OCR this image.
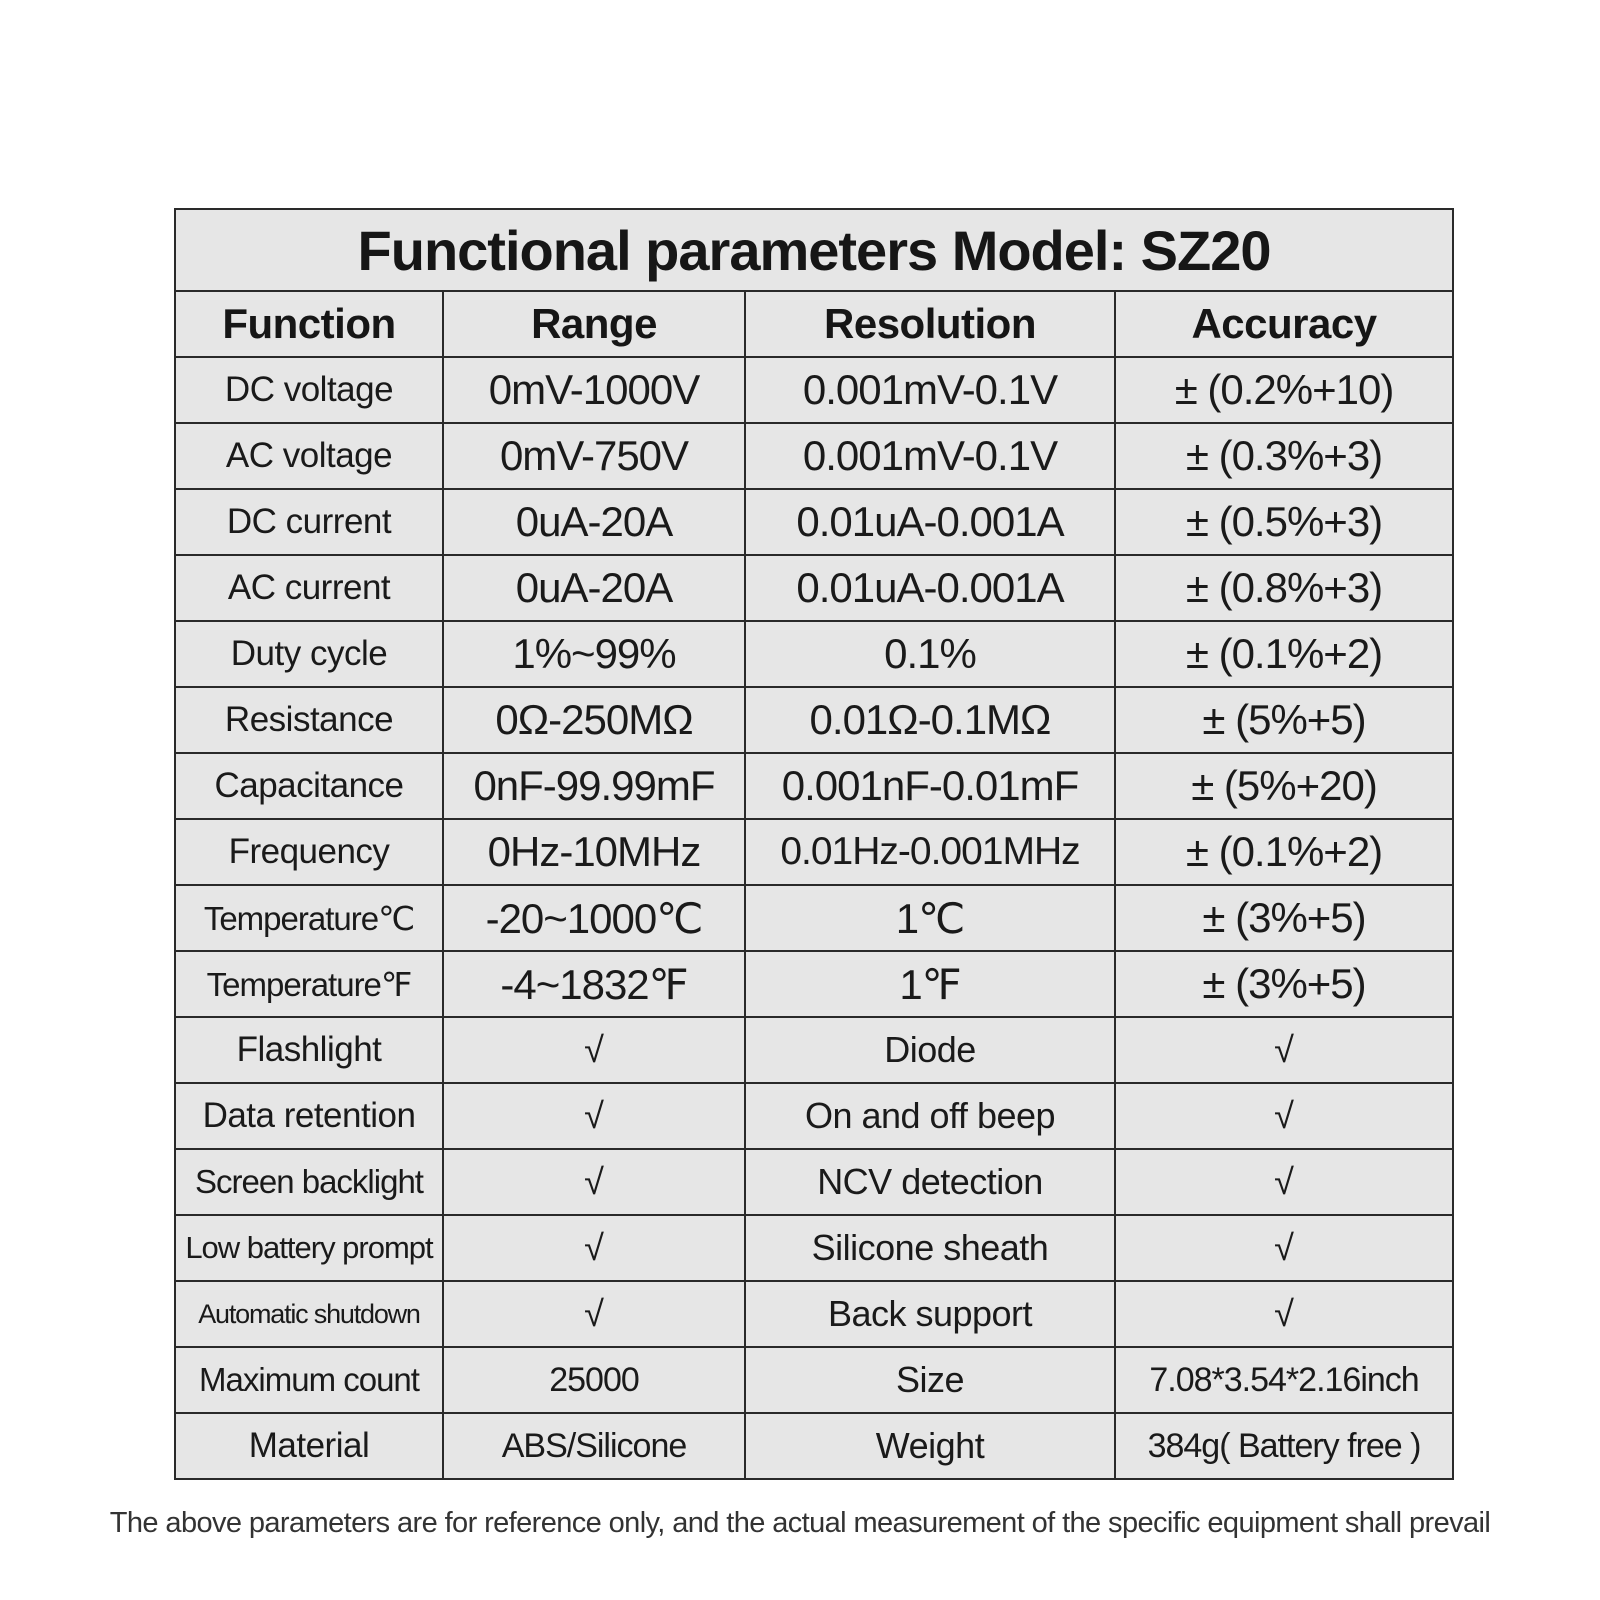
Functional parameters Model: SZ20			
Function	Range	Resolution	Accuracy
DC voltage	0mV-1000V	0.001mV-0.1V	± (0.2%+10)
AC voltage	0mV-750V	0.001mV-0.1V	± (0.3%+3)
DC current	0uA-20A	0.01uA-0.001A	± (0.5%+3)
AC current	0uA-20A	0.01uA-0.001A	± (0.8%+3)
Duty cycle	1%~99%	0.1%	± (0.1%+2)
Resistance	0Ω-250MΩ	0.01Ω-0.1MΩ	± (5%+5)
Capacitance	0nF-99.99mF	0.001nF-0.01mF	± (5%+20)
Frequency	0Hz-10MHz	0.01Hz-0.001MHz	± (0.1%+2)
Temperature℃	-20~1000℃	1℃	± (3%+5)
Temperature℉	-4~1832℉	1℉	± (3%+5)
Flashlight	√	Diode	√
Data retention	√	On and off beep	√
Screen backlight	√	NCV detection	√
Low battery prompt	√	Silicone sheath	√
Automatic shutdown	√	Back support	√
Maximum count	25000	Size	7.08*3.54*2.16inch
Material	ABS/Silicone	Weight	384g( Battery free )
The above parameters are for reference only, and the actual measurement of the specific equipment shall prevail
